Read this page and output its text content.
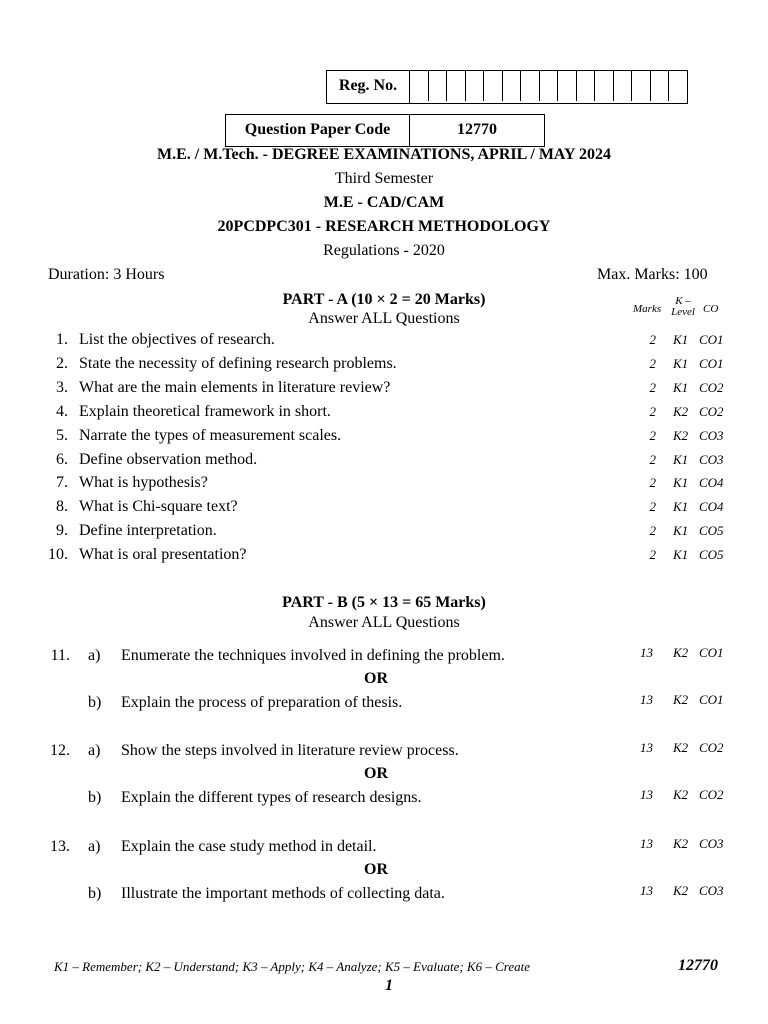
Reg. No.
Question Paper Code	12770
M.E. / M.Tech. - DEGREE EXAMINATIONS, APRIL / MAY 2024
Third Semester
M.E - CAD/CAM
20PCDPC301 - RESEARCH METHODOLOGY
Regulations - 2020
Duration: 3 Hours	Max. Marks: 100
PART - A (10 × 2 = 20 Marks)
Answer ALL Questions
Marks
K –
Level CO
1. List the objectives of research.	2 K1 CO1
2. State the necessity of defining research problems.	2 K1 CO1
3. What are the main elements in literature review?	2 K1 CO2
4. Explain theoretical framework in short.	2 K2 CO2
5. Narrate the types of measurement scales.	2 K2 CO3
6. Define observation method.	2 K1 CO3
7. What is hypothesis?	2 K1 CO4
8. What is Chi-square text?	2 K1 CO4
9. Define interpretation.	2 K1 CO5
10. What is oral presentation?	2 K1 CO5
PART - B (5 × 13 = 65 Marks)
Answer ALL Questions
11. a) Enumerate the techniques involved in defining the problem.	13 K2 CO1
OR
b) Explain the process of preparation of thesis.	13 K2 CO1
12. a) Show the steps involved in literature review process.	13 K2 CO2
OR
b) Explain the different types of research designs.	13 K2 CO2
13. a) Explain the case study method in detail.	13 K2 CO3
OR
b) Illustrate the important methods of collecting data.	13 K2 CO3
K1 – Remember; K2 – Understand; K3 – Apply; K4 – Analyze; K5 – Evaluate; K6 – Create	12770
1
